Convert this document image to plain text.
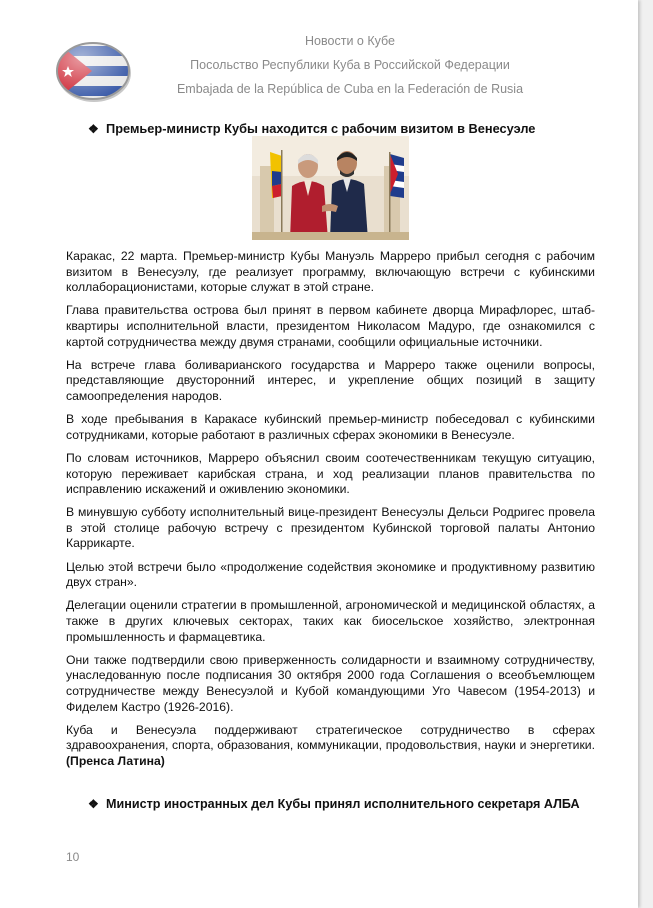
Новости о Кубе
Посольство Республики Куба в Российской Федерации
Embajada de la República de Cuba en la Federación de Rusia
❖ Премьер-министр Кубы находится с рабочим визитом в Венесуэле

Каракас, 22 марта. Премьер-министр Кубы Мануэль Марреро прибыл сегодня с рабочим визитом в Венесуэлу, где реализует программу, включающую встречи с кубинскими коллаборационистами, которые служат в этой стране.

Глава правительства острова был принят в первом кабинете дворца Мирафлорес, штаб-квартиры исполнительной власти, президентом Николасом Мадуро, где ознакомился с картой сотрудничества между двумя странами, сообщили официальные источники.

На встрече глава боливарианского государства и Марреро также оценили вопросы, представляющие двусторонний интерес, и укрепление общих позиций в защиту самоопределения народов.

В ходе пребывания в Каракасе кубинский премьер-министр побеседовал с кубинскими сотрудниками, которые работают в различных сферах экономики в Венесуэле.

По словам источников, Марреро объяснил своим соотечественникам текущую ситуацию, которую переживает карибская страна, и ход реализации планов правительства по исправлению искажений и оживлению экономики.

В минувшую субботу исполнительный вице-президент Венесуэлы Дельси Родригес провела в этой столице рабочую встречу с президентом Кубинской торговой палаты Антонио Каррикарте.

Целью этой встречи было «продолжение содействия экономике и продуктивному развитию двух стран».

Делегации оценили стратегии в промышленной, агрономической и медицинской областях, а также в других ключевых секторах, таких как биосельское хозяйство, электронная промышленность и фармацевтика.

Они также подтвердили свою приверженность солидарности и взаимному сотрудничеству, унаследованную после подписания 30 октября 2000 года Соглашения о всеобъемлющем сотрудничестве между Венесуэлой и Кубой командующими Уго Чавесом (1954-2013) и Фиделем Кастро (1926-2016).

Куба и Венесуэла поддерживают стратегическое сотрудничество в сферах здравоохранения, спорта, образования, коммуникации, продовольствия, науки и энергетики. (Пренса Латина)

❖ Министр иностранных дел Кубы принял исполнительного секретаря АЛБА
10
